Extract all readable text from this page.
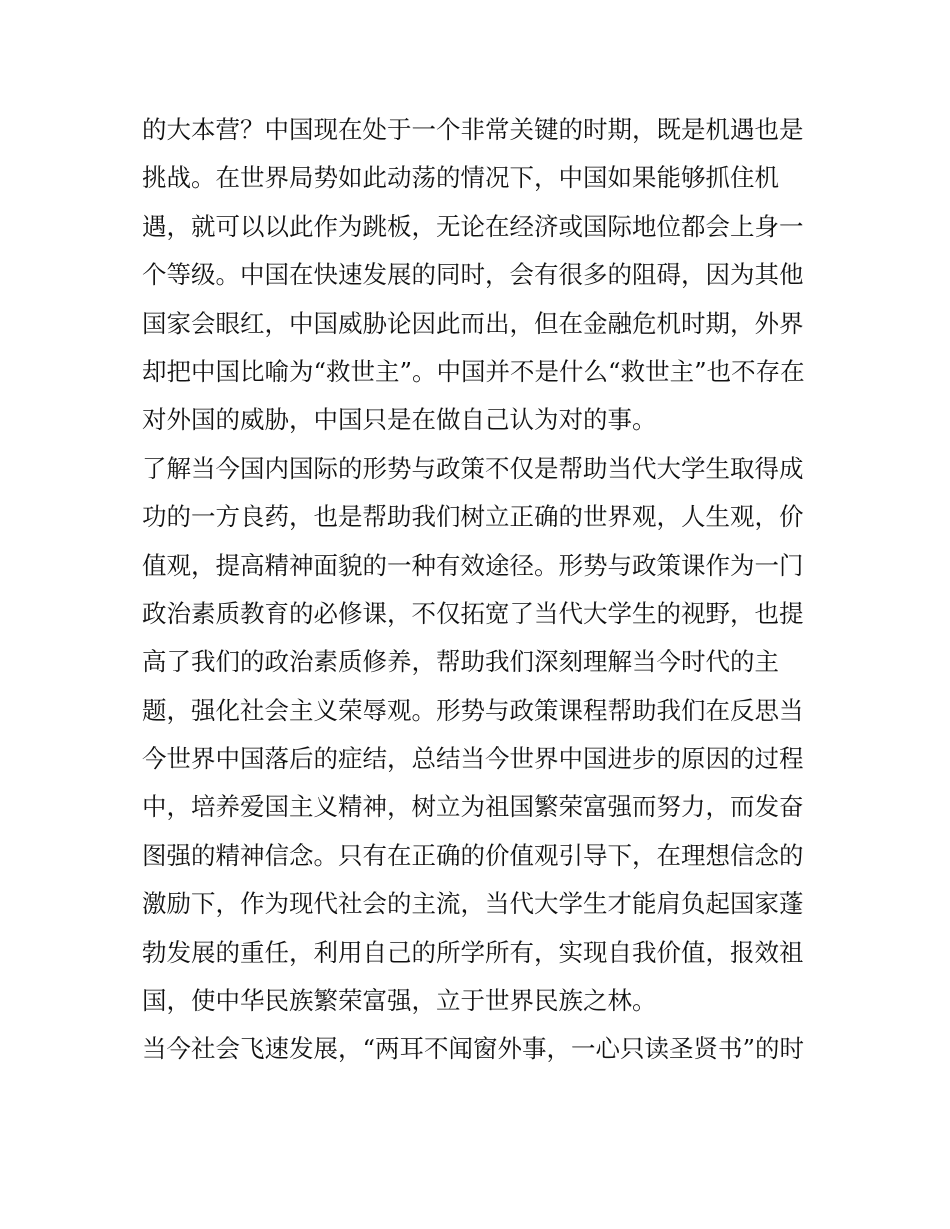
的大本营？中国现在处于一个非常关键的时期，既是机遇也是
挑战。在世界局势如此动荡的情况下，中国如果能够抓住机
遇，就可以以此作为跳板，无论在经济或国际地位都会上身一
个等级。中国在快速发展的同时，会有很多的阻碍，因为其他
国家会眼红，中国威胁论因此而出，但在金融危机时期，外界
却把中国比喻为“救世主”。中国并不是什么“救世主”也不存在
对外国的威胁，中国只是在做自己认为对的事。
了解当今国内国际的形势与政策不仅是帮助当代大学生取得成
功的一方良药，也是帮助我们树立正确的世界观，人生观，价
值观，提高精神面貌的一种有效途径。形势与政策课作为一门
政治素质教育的必修课，不仅拓宽了当代大学生的视野，也提
高了我们的政治素质修养，帮助我们深刻理解当今时代的主
题，强化社会主义荣辱观。形势与政策课程帮助我们在反思当
今世界中国落后的症结，总结当今世界中国进步的原因的过程
中，培养爱国主义精神，树立为祖国繁荣富强而努力，而发奋
图强的精神信念。只有在正确的价值观引导下，在理想信念的
激励下，作为现代社会的主流，当代大学生才能肩负起国家蓬
勃发展的重任，利用自己的所学所有，实现自我价值，报效祖
国，使中华民族繁荣富强，立于世界民族之林。
当今社会飞速发展，“两耳不闻窗外事，一心只读圣贤书”的时
